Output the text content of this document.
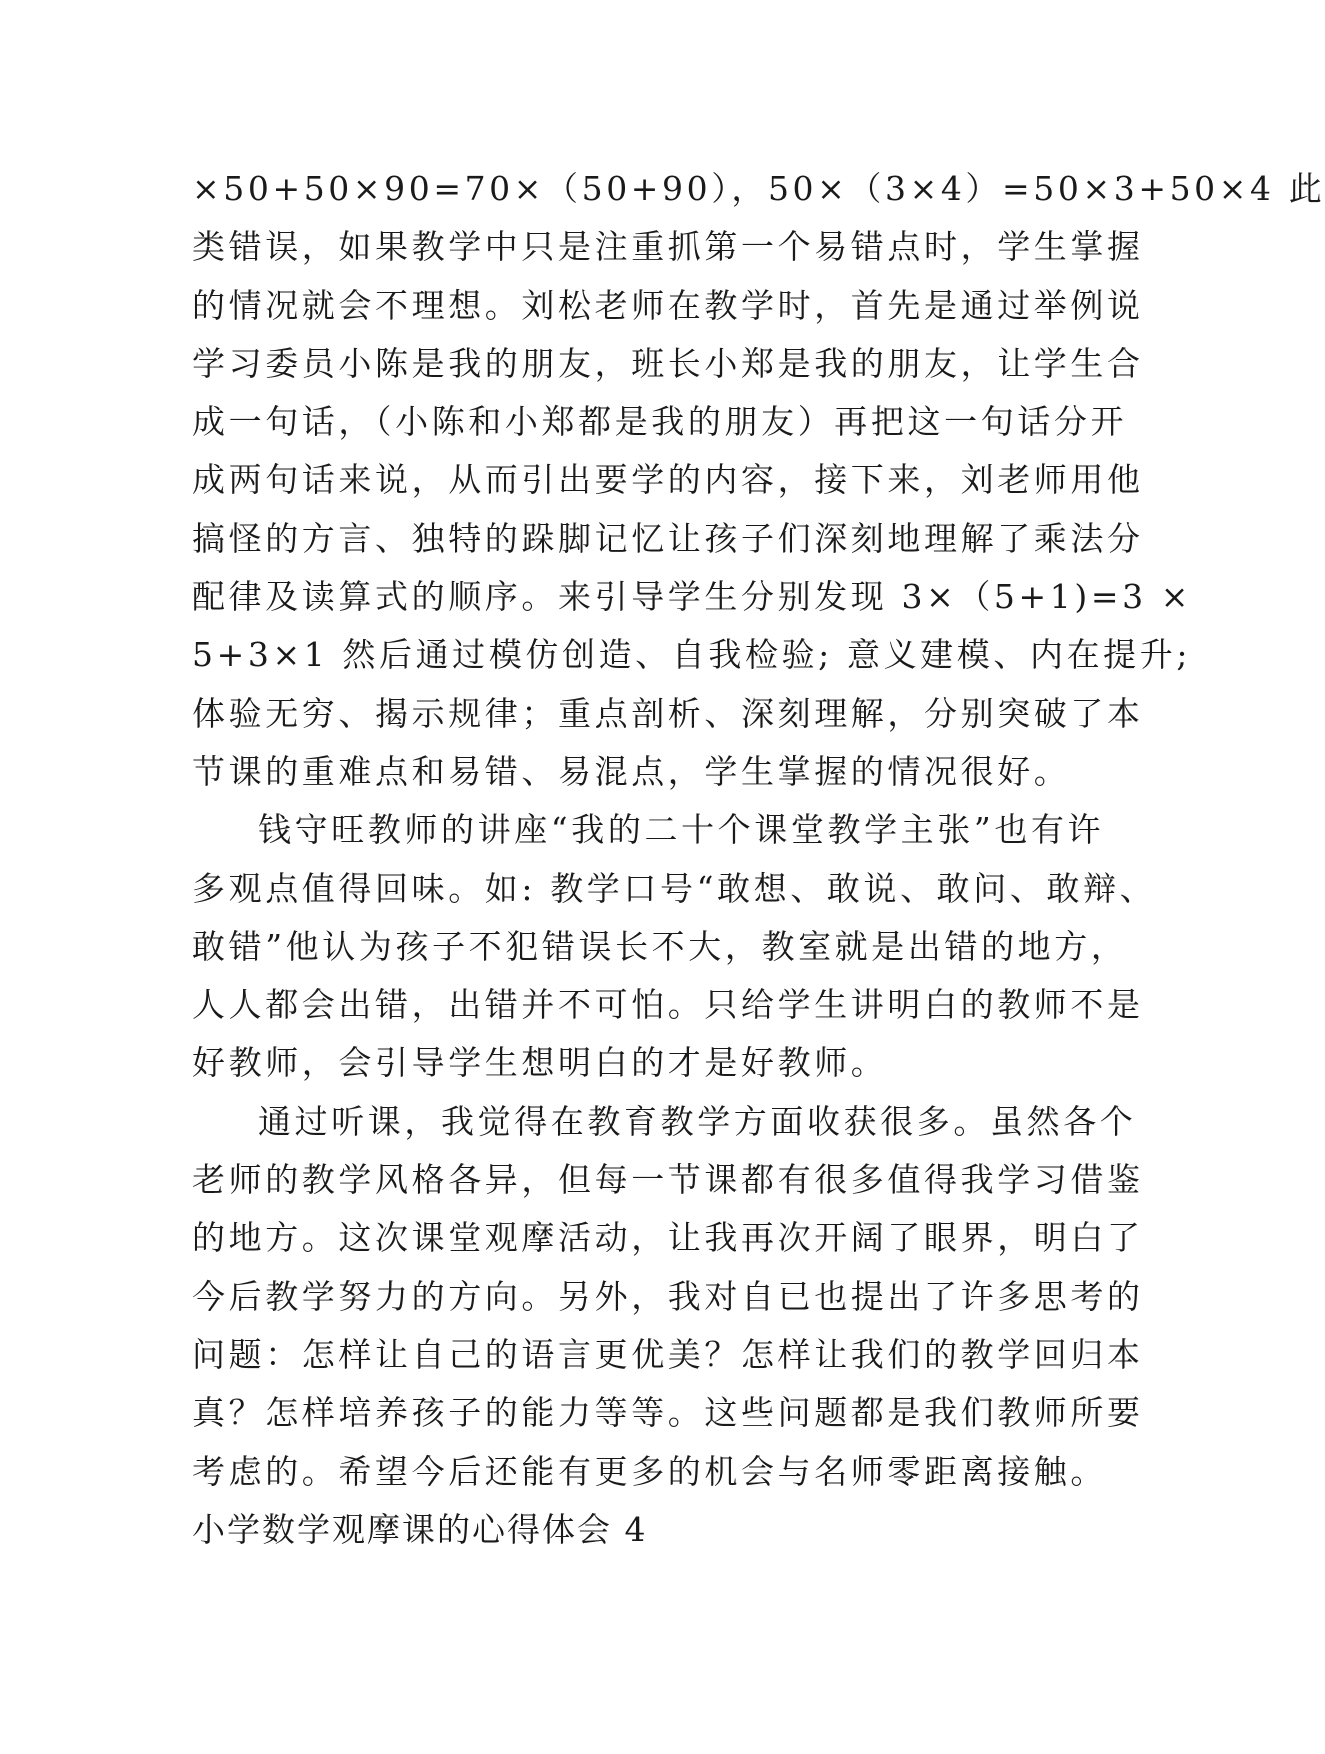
×50+50×90=70×（50+90），50×（3×4）=50×3+50×4 此
类错误，如果教学中只是注重抓第一个易错点时，学生掌握
的情况就会不理想。刘松老师在教学时，首先是通过举例说
学习委员小陈是我的朋友，班长小郑是我的朋友，让学生合
成一句话，（小陈和小郑都是我的朋友）再把这一句话分开
成两句话来说，从而引出要学的内容，接下来，刘老师用他
搞怪的方言、独特的跺脚记忆让孩子们深刻地理解了乘法分
配律及读算式的顺序。来引导学生分别发现 3×（5+1)=3 ×
5+3×1 然后通过模仿创造、自我检验; 意义建模、内在提升;
体验无穷、揭示规律；重点剖析、深刻理解，分别突破了本
节课的重难点和易错、易混点，学生掌握的情况很好。
钱守旺教师的讲座“我的二十个课堂教学主张”也有许
多观点值得回味。如: 教学口号“敢想、敢说、敢问、敢辩、
敢错”他认为孩子不犯错误长不大，教室就是出错的地方，
人人都会出错，出错并不可怕。只给学生讲明白的教师不是
好教师，会引导学生想明白的才是好教师。
通过听课，我觉得在教育教学方面收获很多。虽然各个
老师的教学风格各异，但每一节课都有很多值得我学习借鉴
的地方。这次课堂观摩活动，让我再次开阔了眼界，明白了
今后教学努力的方向。另外，我对自已也提出了许多思考的
问题：怎样让自己的语言更优美？怎样让我们的教学回归本
真？怎样培养孩子的能力等等。这些问题都是我们教师所要
考虑的。希望今后还能有更多的机会与名师零距离接触。
小学数学观摩课的心得体会 4
